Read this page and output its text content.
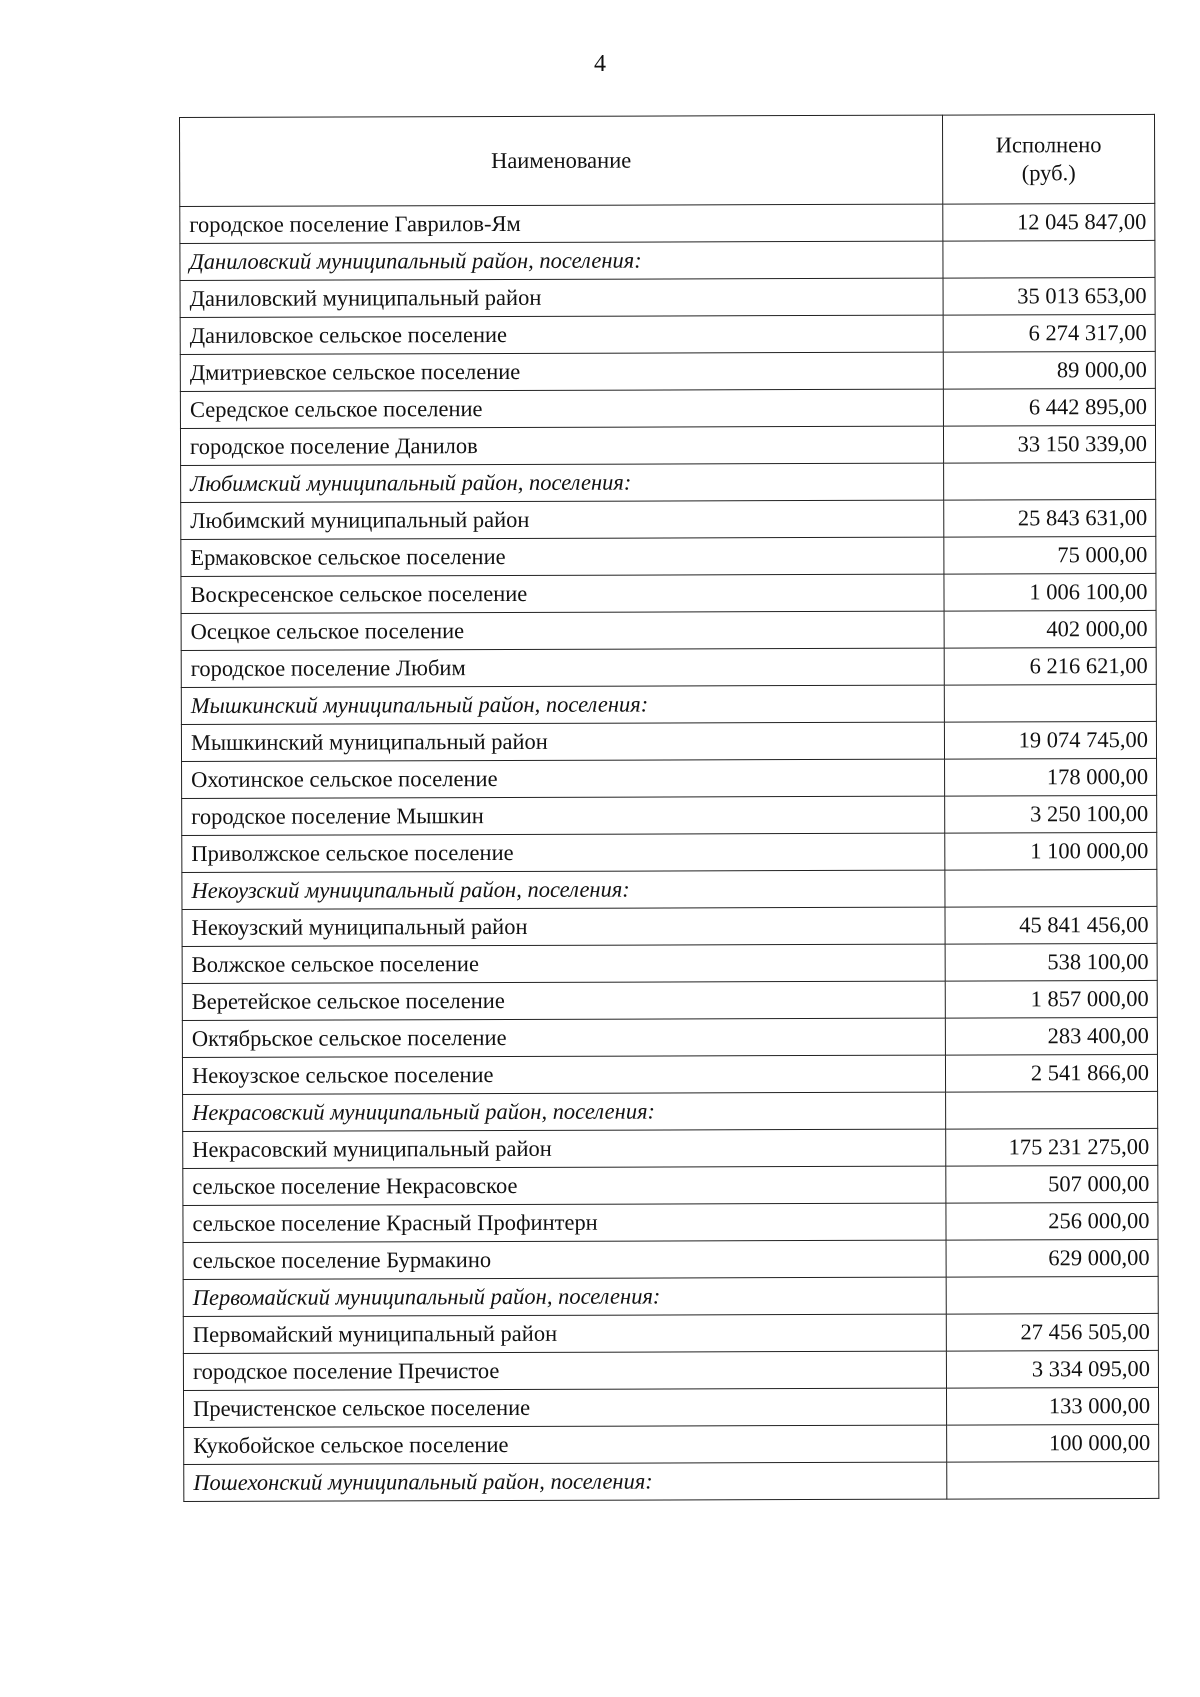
4
Наименование	Исполнено
(руб.)

городское поселение Гаврилов-Ям	12 045 847,00
Даниловский муниципальный район, поселения:	
Даниловский муниципальный район	35 013 653,00
Даниловское сельское поселение	6 274 317,00
Дмитриевское сельское поселение	89 000,00
Середское сельское поселение	6 442 895,00
городское поселение Данилов	33 150 339,00
Любимский муниципальный район, поселения:	
Любимский муниципальный район	25 843 631,00
Ермаковское сельское поселение	75 000,00
Воскресенское сельское поселение	1 006 100,00
Осецкое сельское поселение	402 000,00
городское поселение Любим	6 216 621,00
Мышкинский муниципальный район, поселения:	
Мышкинский муниципальный район	19 074 745,00
Охотинское сельское поселение	178 000,00
городское поселение Мышкин	3 250 100,00
Приволжское сельское поселение	1 100 000,00
Некоузский муниципальный район, поселения:	
Некоузский муниципальный район	45 841 456,00
Волжское сельское поселение	538 100,00
Веретейское сельское поселение	1 857 000,00
Октябрьское сельское поселение	283 400,00
Некоузское сельское поселение	2 541 866,00
Некрасовский муниципальный район, поселения:	
Некрасовский муниципальный район	175 231 275,00
сельское поселение Некрасовское	507 000,00
сельское поселение Красный Профинтерн	256 000,00
сельское поселение Бурмакино	629 000,00
Первомайский муниципальный район, поселения:	
Первомайский муниципальный район	27 456 505,00
городское поселение Пречистое	3 334 095,00
Пречистенское сельское поселение	133 000,00
Кукобойское сельское поселение	100 000,00
Пошехонский муниципальный район, поселения:	
